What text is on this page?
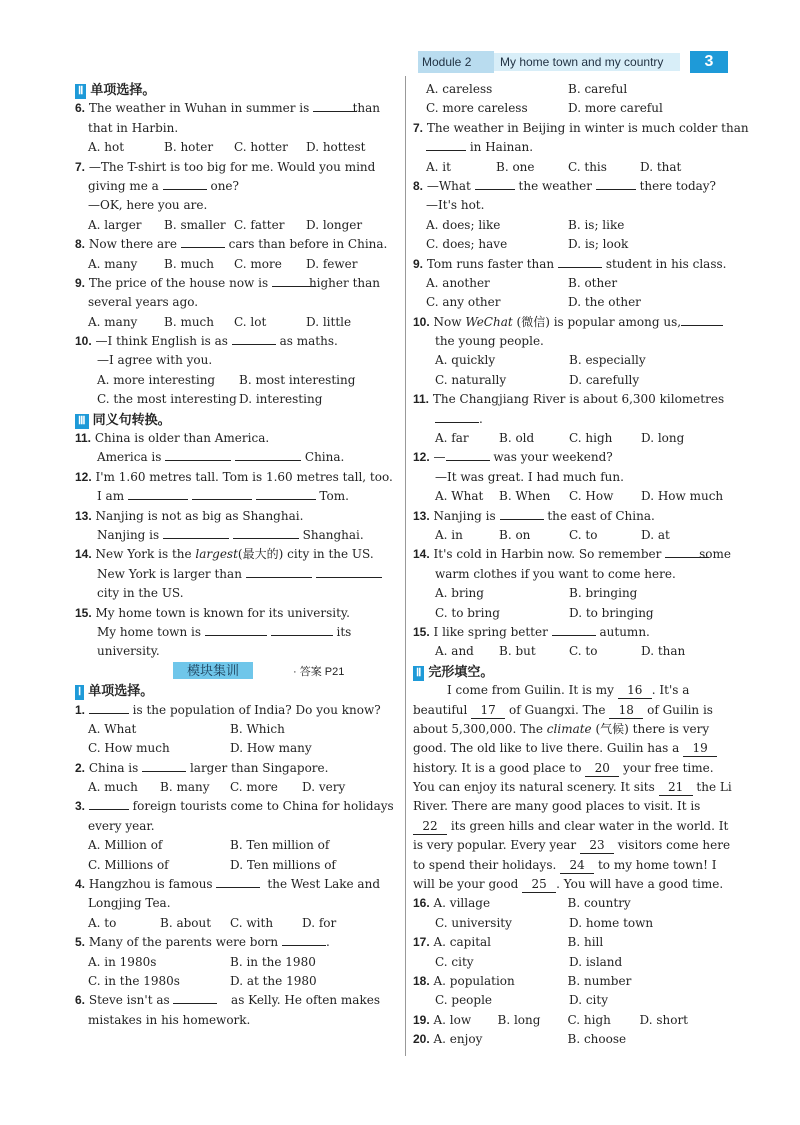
Module 2	My home town and my country	3
Ⅱ 单项选择。
6. The weather in Wuhan in summer is	than
that in Harbin.
A. hot	B. hoter C. hotter D. hottest
7. —The T-shirt is too big for me. Would you mind
giving me a	one?
—OK, here you are.
A. larger B. smaller C. fatter D. longer
8. Now there are	cars than before in China.
A. many B. much C. more D. fewer
9. The price of the house now is	higher than
several years ago.
A. many B. much C. lot	D. little
10. —I think English is as	as maths.
—I agree with you.
A. more interesting B. most interesting
C. the most interesting D. interesting
Ⅲ 同义句转换。
11. China is older than America.
America is	China.
12. I'm 1.60 metres tall. Tom is 1.60 metres tall, too.
I am	Tom.
13. Nanjing is not as big as Shanghai.
Nanjing is	Shanghai.
14. New York is the largest(最大的) city in the US.
New York is larger than
city in the US.
15. My home town is known for its university.
My home town is	its
university.
模块集训	· 答案 P21
Ⅰ 单项选择。
1.	is the population of India? Do you know?
A. What	B. Which
C. How much	D. How many
2. China is	larger than Singapore.
A. much B. many C. more D. very
3.	foreign tourists come to China for holidays
every year.
A. Million of	B. Ten million of
C. Millions of	D. Ten millions of
4. Hangzhou is famous	the West Lake and
Longjing Tea.
A. to	B. about C. with D. for
5. Many of the parents were born	.
A. in 1980s	B. in the 1980
C. in the 1980s	D. at the 1980
6. Steve isn't as	as Kelly. He often makes
mistakes in his homework.
A. careless	B. careful
C. more careless	D. more careful
7. The weather in Beijing in winter is much colder than
in Hainan.
A. it	B. one	C. this	D. that
8. —What	the weather	there today?
—It's hot.
A. does; like	B. is; like
C. does; have	D. is; look
9. Tom runs faster than	student in his class.
A. another	B. other
C. any other	D. the other
10. Now WeChat (微信) is popular among us,
the young people.
A. quickly	B. especially
C. naturally	D. carefully
11. The Changjiang River is about 6,300 kilometres
.
A. far	B. old	C. high D. long
12. —	was your weekend?
—It was great. I had much fun.
A. What B. When C. How D. How much
13. Nanjing is	the east of China.
A. in	B. on	C. to	D. at
14. It's cold in Harbin now. So remember	some
warm clothes if you want to come here.
A. bring	B. bringing
C. to bring	D. to bringing
15. I like spring better	autumn.
A. and B. but	C. to	D. than
Ⅱ 完形填空。
I come from Guilin. It is my 16 . It's a
beautiful 17 of Guangxi. The 18 of Guilin is
about 5,300,000. The climate (气候) there is very
good. The old like to live there. Guilin has a 19
history. It is a good place to 20 your free time.
You can enjoy its natural scenery. It sits 21 the Li
River. There are many good places to visit. It is
22 its green hills and clear water in the world. It
is very popular. Every year 23 visitors come here
to spend their holidays. 24 to my home town! I
will be your good 25 . You will have a good time.
16. A. village	B. country
C. university	D. home town
17. A. capital	B. hill
C. city	D. island
18. A. population	B. number
C. people	D. city
19. A. low B. long C. high D. short
20. A. enjoy	B. choose
